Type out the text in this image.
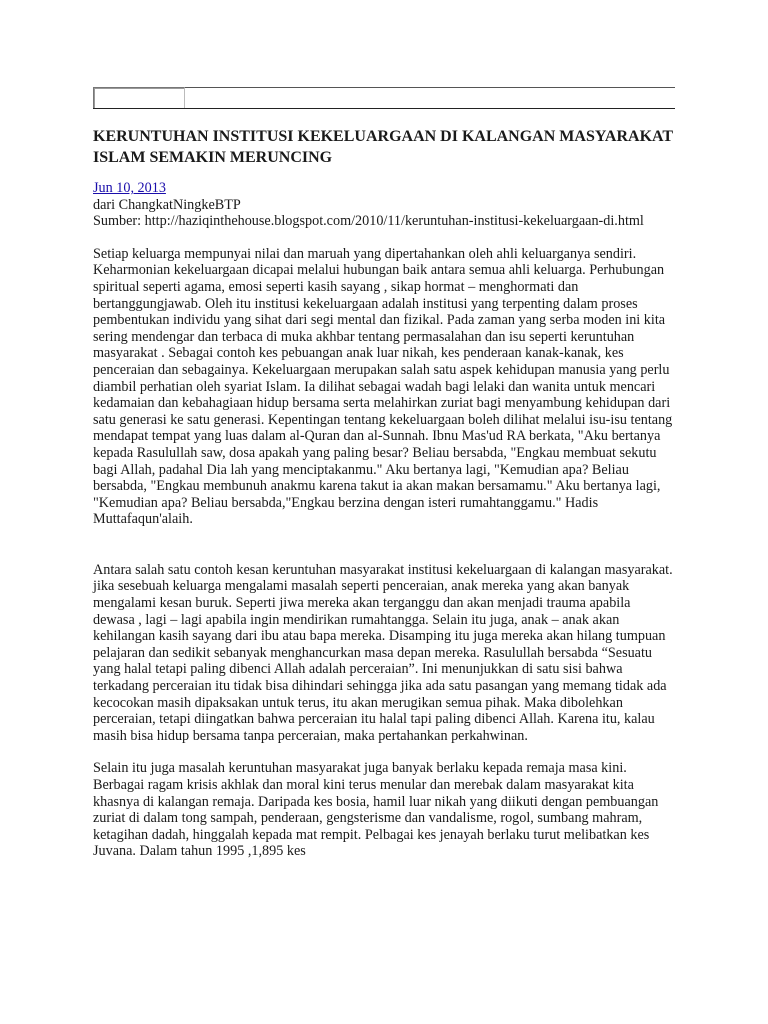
KERUNTUHAN INSTITUSI KEKELUARGAAN DI KALANGAN MASYARAKAT ISLAM SEMAKIN MERUNCING
Jun 10, 2013
dari ChangkatNingkeBTP
Sumber: http://haziqinthehouse.blogspot.com/2010/11/keruntuhan-institusi-kekeluargaan-di.html

Setiap keluarga mempunyai nilai dan maruah yang dipertahankan oleh ahli keluarganya sendiri. Keharmonian kekeluargaan dicapai melalui hubungan baik antara semua ahli keluarga. Perhubungan spiritual seperti agama, emosi seperti kasih sayang , sikap hormat – menghormati dan bertanggungjawab. Oleh itu institusi kekeluargaan adalah institusi yang terpenting dalam proses pembentukan individu yang sihat dari segi mental dan fizikal. Pada zaman yang serba moden ini kita sering mendengar dan terbaca di muka akhbar tentang permasalahan dan isu seperti keruntuhan masyarakat . Sebagai contoh kes pebuangan anak luar nikah, kes penderaan kanak-kanak, kes penceraian dan sebagainya. Kekeluargaan merupakan salah satu aspek kehidupan manusia yang perlu diambil perhatian oleh syariat Islam. Ia dilihat sebagai wadah bagi lelaki dan wanita untuk mencari kedamaian dan kebahagiaan hidup bersama serta melahirkan zuriat bagi menyambung kehidupan dari satu generasi ke satu generasi. Kepentingan tentang kekeluargaan boleh dilihat melalui isu-isu tentang mendapat tempat yang luas dalam al-Quran dan al-Sunnah. Ibnu Mas'ud RA berkata, "Aku bertanya kepada Rasulullah saw, dosa apakah yang paling besar? Beliau bersabda, "Engkau membuat sekutu bagi Allah, padahal Dia lah yang menciptakanmu." Aku bertanya lagi, "Kemudian apa? Beliau bersabda, "Engkau membunuh anakmu karena takut ia akan makan bersamamu." Aku bertanya lagi, "Kemudian apa? Beliau bersabda,"Engkau berzina dengan isteri rumahtanggamu." Hadis Muttafaqun'alaih.

Antara salah satu contoh kesan keruntuhan masyarakat institusi kekeluargaan di kalangan masyarakat. jika sesebuah keluarga mengalami masalah seperti penceraian, anak mereka yang akan banyak mengalami kesan buruk. Seperti jiwa mereka akan terganggu dan akan menjadi trauma apabila dewasa , lagi – lagi apabila ingin mendirikan rumahtangga. Selain itu juga, anak – anak akan kehilangan kasih sayang dari ibu atau bapa mereka. Disamping itu juga mereka akan hilang tumpuan pelajaran dan sedikit sebanyak menghancurkan masa depan mereka. Rasulullah bersabda “Sesuatu yang halal tetapi paling dibenci Allah adalah perceraian”. Ini menunjukkan di satu sisi bahwa terkadang perceraian itu tidak bisa dihindari sehingga jika ada satu pasangan yang memang tidak ada kecocokan masih dipaksakan untuk terus, itu akan merugikan semua pihak. Maka dibolehkan perceraian, tetapi diingatkan bahwa perceraian itu halal tapi paling dibenci Allah. Karena itu, kalau masih bisa hidup bersama tanpa perceraian, maka pertahankan perkahwinan.

Selain itu juga masalah keruntuhan masyarakat juga banyak berlaku kepada remaja masa kini. Berbagai ragam krisis akhlak dan moral kini terus menular dan merebak dalam masyarakat kita khasnya di kalangan remaja. Daripada kes bosia, hamil luar nikah yang diikuti dengan pembuangan zuriat di dalam tong sampah, penderaan, gengsterisme dan vandalisme, rogol, sumbang mahram, ketagihan dadah, hinggalah kepada mat rempit. Pelbagai kes jenayah berlaku turut melibatkan kes Juvana. Dalam tahun 1995 ,1,895 kes
